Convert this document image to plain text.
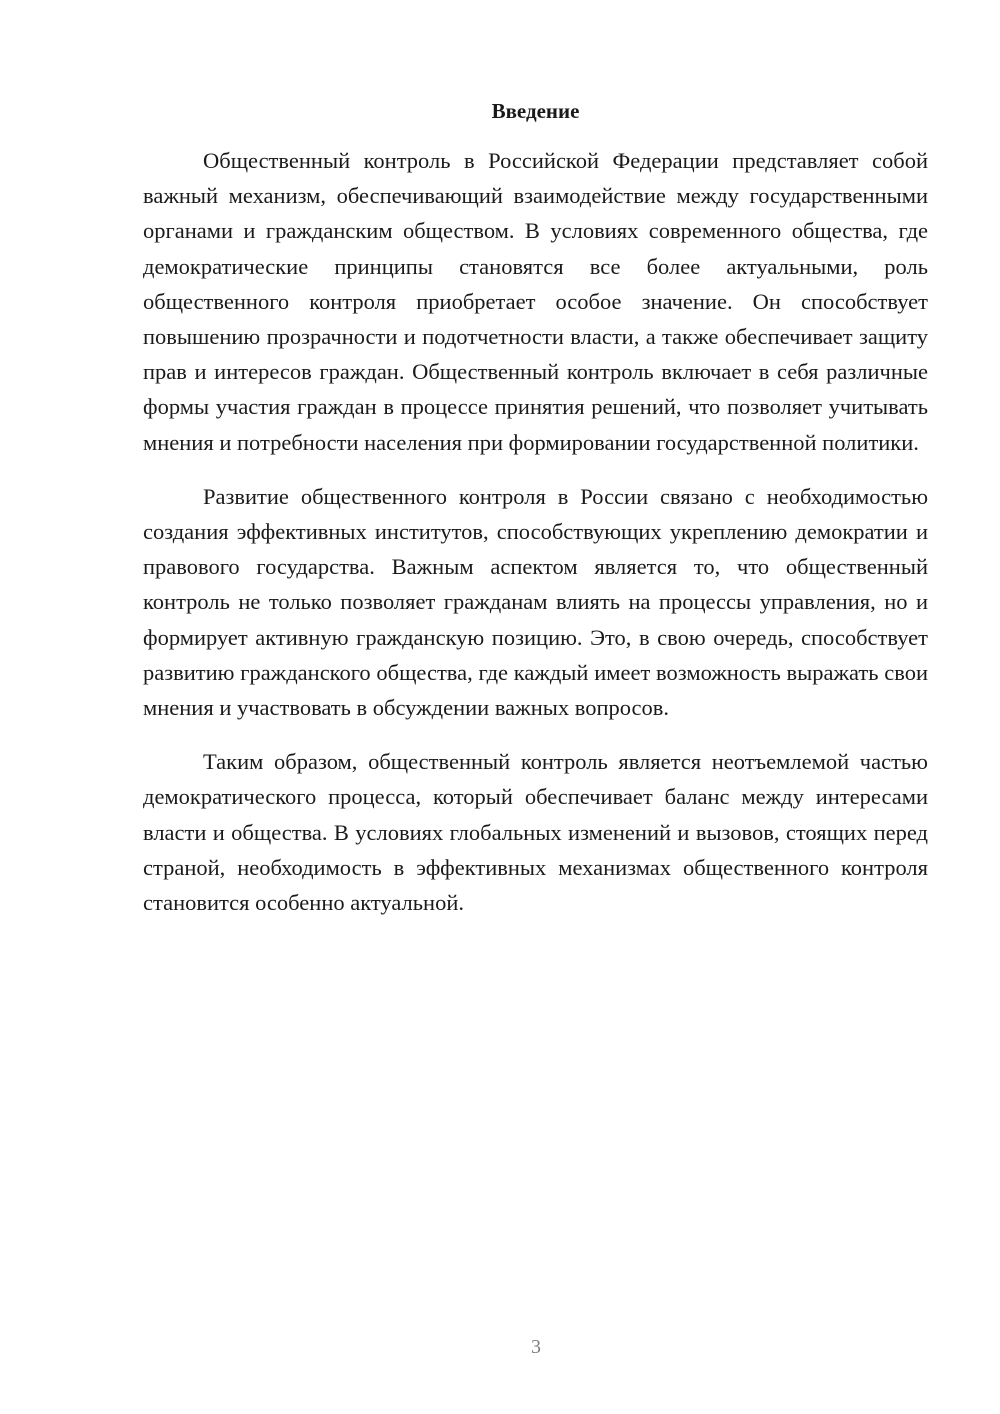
Введение

Общественный контроль в Российской Федерации представляет собой важный механизм, обеспечивающий взаимодействие между государственными органами и гражданским обществом. В условиях современного общества, где демократические принципы становятся все более актуальными, роль общественного контроля приобретает особое значение. Он способствует повышению прозрачности и подотчетности власти, а также обеспечивает защиту прав и интересов граждан. Общественный контроль включает в себя различные формы участия граждан в процессе принятия решений, что позволяет учитывать мнения и потребности населения при формировании государственной политики.

Развитие общественного контроля в России связано с необходимостью создания эффективных институтов, способствующих укреплению демократии и правового государства. Важным аспектом является то, что общественный контроль не только позволяет гражданам влиять на процессы управления, но и формирует активную гражданскую позицию. Это, в свою очередь, способствует развитию гражданского общества, где каждый имеет возможность выражать свои мнения и участвовать в обсуждении важных вопросов.

Таким образом, общественный контроль является неотъемлемой частью демократического процесса, который обеспечивает баланс между интересами власти и общества. В условиях глобальных изменений и вызовов, стоящих перед страной, необходимость в эффективных механизмах общественного контроля становится особенно актуальной.

3
